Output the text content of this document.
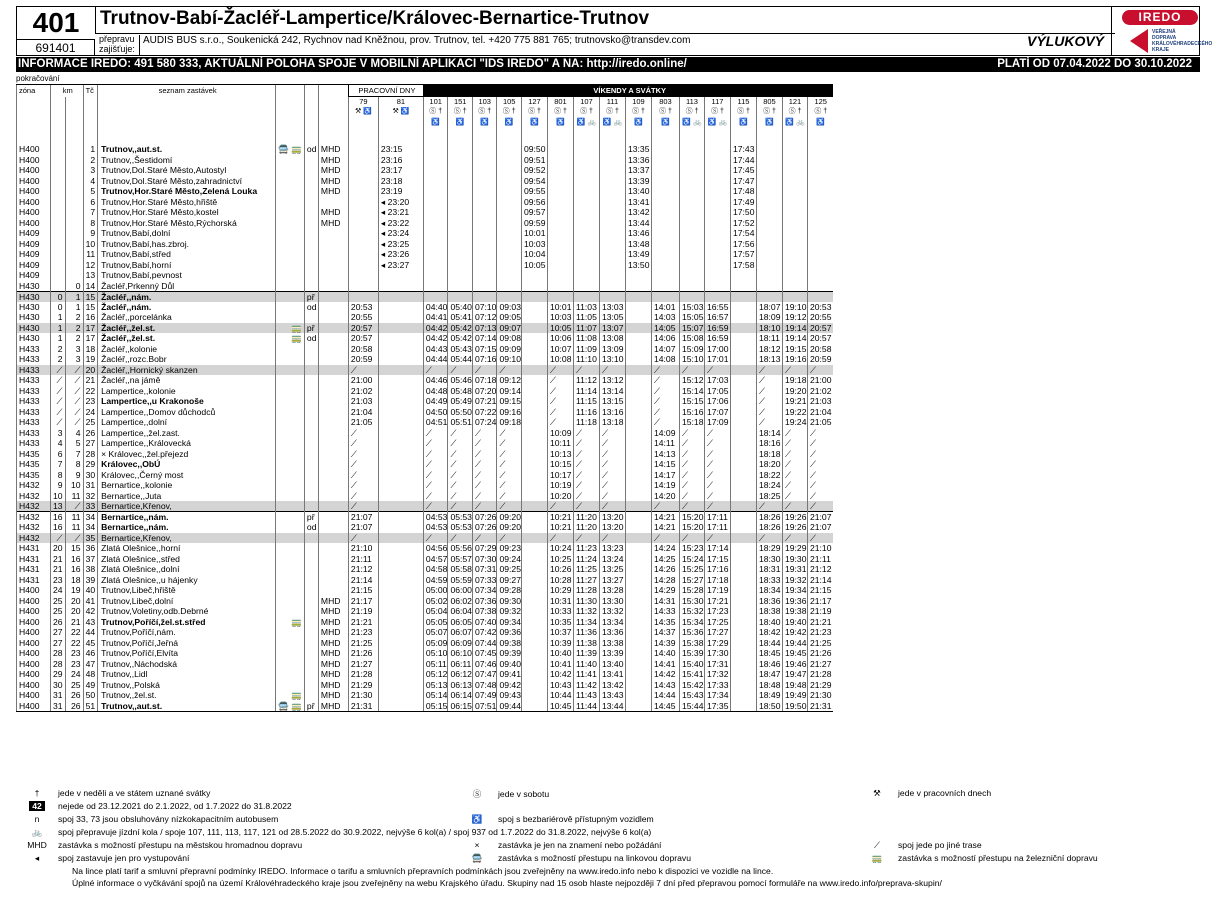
401
691401
Trutnov-Babí-Žacléř-Lampertice/Královec-Bernartice-Trutnov
přepravu zajišťuje:
AUDIS BUS s.r.o., Soukenická 242, Rychnov nad Kněžnou, prov. Trutnov, tel. +420 775 881 765; trutnovsko@transdev.com	VÝLUKOVÝ
IREDO
VEŘEJNÁ DOPRAVA KRÁLOVÉHRADECKÉHO KRAJE
INFORMACE IREDO: 491 580 333, AKTUÁLNÍ POLOHA SPOJE V MOBILNÍ APLIKACI "IDS IREDO" A NA: http://iredo.online/	PLATÍ OD 07.04.2022 DO 30.10.2022
pokračování
zóna	km		Tč	seznam zastávek				PRACOVNÍ DNY		VÍKENDY A SVÁTKY															
								79	81	101	151	103	105	127	801	107	111	109	803	113	117	115	805	121	125
								⚒ ♿	⚒ ♿	Ⓢ †	Ⓢ †	Ⓢ †	Ⓢ †	Ⓢ †	Ⓢ †	Ⓢ †	Ⓢ †	Ⓢ †	Ⓢ †	Ⓢ †	Ⓢ †	Ⓢ †	Ⓢ †	Ⓢ †	Ⓢ †
										♿	♿	♿	♿	♿	♿	♿ 🚲	♿ 🚲	♿	♿	♿ 🚲	♿ 🚲	♿	♿	♿ 🚲	♿

H400			1	Trutnov,,aut.st.	🚍 🚃	od	MHD		23:15					09:50				13:35				17:43			
H400			2	Trutnov,,Šestidomí			MHD		23:16					09:51				13:36				17:44			
H400			3	Trutnov,Dol.Staré Město,Autostyl			MHD		23:17					09:52				13:37				17:45			
H400			4	Trutnov,Dol.Staré Město,zahradnictví			MHD		23:18					09:54				13:39				17:47			
H400			5	Trutnov,Hor.Staré Město,Zelená Louka			MHD		23:19					09:55				13:40				17:48			
H400			6	Trutnov,Hor.Staré Město,hřiště					◂ 23:20					09:56				13:41				17:49			
H400			7	Trutnov,Hor.Staré Město,kostel			MHD		◂ 23:21					09:57				13:42				17:50			
H400			8	Trutnov,Hor.Staré Město,Rýchorská			MHD		◂ 23:22					09:59				13:44				17:52			
H409			9	Trutnov,Babí,dolní					◂ 23:24					10:01				13:46				17:54			
H409			10	Trutnov,Babí,has.zbroj.					◂ 23:25					10:03				13:48				17:56			
H409			11	Trutnov,Babí,střed					◂ 23:26					10:04				13:49				17:57			
H409			12	Trutnov,Babí,horní					◂ 23:27					10:05				13:50				17:58			
H409			13	Trutnov,Babí,pevnost																					
H430		0	14	Žacléř,Prkenný Důl																					
H430	0	1	15	Žacléř,,nám.		př																			
H430	0	1	15	Žacléř,,nám.		od		20:53		04:40	05:40	07:10	09:03		10:01	11:03	13:03		14:01	15:03	16:55		18:07	19:10	20:53
H430	1	2	16	Žacléř,,porcelánka				20:55		04:41	05:41	07:12	09:05		10:03	11:05	13:05		14:03	15:05	16:57		18:09	19:12	20:55
H430	1	2	17	Žacléř,,žel.st.	🚃	př		20:57		04:42	05:42	07:13	09:07		10:05	11:07	13:07		14:05	15:07	16:59		18:10	19:14	20:57
H430	1	2	17	Žacléř,,žel.st.	🚃	od		20:57		04:42	05:42	07:14	09:08		10:06	11:08	13:08		14:06	15:08	16:59		18:11	19:14	20:57
H433	2	3	18	Žacléř,,kolonie				20:58		04:43	05:43	07:15	09:09		10:07	11:09	13:09		14:07	15:09	17:00		18:12	19:15	20:58
H433	2	3	19	Žacléř,,rozc.Bobr				20:59		04:44	05:44	07:16	09:10		10:08	11:10	13:10		14:08	15:10	17:01		18:13	19:16	20:59
H433	⟋	⟋	20	Žacléř,,Hornický skanzen				⟋		⟋	⟋	⟋	⟋		⟋	⟋	⟋		⟋	⟋	⟋		⟋	⟋	⟋
H433	⟋	⟋	21	Žacléř,,na jámě				21:00		04:46	05:46	07:18	09:12		⟋	11:12	13:12		⟋	15:12	17:03		⟋	19:18	21:00
H433	⟋	⟋	22	Lampertice,,kolonie				21:02		04:48	05:48	07:20	09:14		⟋	11:14	13:14		⟋	15:14	17:05		⟋	19:20	21:02
H433	⟋	⟋	23	Lampertice,,u Krakonoše				21:03		04:49	05:49	07:21	09:15		⟋	11:15	13:15		⟋	15:15	17:06		⟋	19:21	21:03
H433	⟋	⟋	24	Lampertice,,Domov důchodců				21:04		04:50	05:50	07:22	09:16		⟋	11:16	13:16		⟋	15:16	17:07		⟋	19:22	21:04
H433	⟋	⟋	25	Lampertice,,dolní				21:05		04:51	05:51	07:24	09:18		⟋	11:18	13:18		⟋	15:18	17:09		⟋	19:24	21:05
H433	3	4	26	Lampertice,,žel.zast.				⟋		⟋	⟋	⟋	⟋		10:09	⟋	⟋		14:09	⟋	⟋		18:14	⟋	⟋
H433	4	5	27	Lampertice,,Královecká				⟋		⟋	⟋	⟋	⟋		10:11	⟋	⟋		14:11	⟋	⟋		18:16	⟋	⟋
H435	6	7	28	× Královec,,žel.přejezd				⟋		⟋	⟋	⟋	⟋		10:13	⟋	⟋		14:13	⟋	⟋		18:18	⟋	⟋
H435	7	8	29	Královec,,ObÚ				⟋		⟋	⟋	⟋	⟋		10:15	⟋	⟋		14:15	⟋	⟋		18:20	⟋	⟋
H435	8	9	30	Královec,,Černý most				⟋		⟋	⟋	⟋	⟋		10:17	⟋	⟋		14:17	⟋	⟋		18:22	⟋	⟋
H432	9	10	31	Bernartice,,kolonie				⟋		⟋	⟋	⟋	⟋		10:19	⟋	⟋		14:19	⟋	⟋		18:24	⟋	⟋
H432	10	11	32	Bernartice,,Juta				⟋		⟋	⟋	⟋	⟋		10:20	⟋	⟋		14:20	⟋	⟋		18:25	⟋	⟋
H432	13	⟋	33	Bernartice,Křenov,				⟋		⟋	⟋	⟋	⟋		⟋	⟋	⟋		⟋	⟋	⟋		⟋	⟋	⟋
H432	16	11	34	Bernartice,,nám.		př		21:07		04:53	05:53	07:26	09:20		10:21	11:20	13:20		14:21	15:20	17:11		18:26	19:26	21:07
H432	16	11	34	Bernartice,,nám.		od		21:07		04:53	05:53	07:26	09:20		10:21	11:20	13:20		14:21	15:20	17:11		18:26	19:26	21:07
H432	⟋	⟋	35	Bernartice,Křenov,				⟋		⟋	⟋	⟋	⟋		⟋	⟋	⟋		⟋	⟋	⟋		⟋	⟋	⟋
H431	20	15	36	Zlatá Olešnice,,horní				21:10		04:56	05:56	07:29	09:23		10:24	11:23	13:23		14:24	15:23	17:14		18:29	19:29	21:10
H431	21	16	37	Zlatá Olešnice,,střed				21:11		04:57	05:57	07:30	09:24		10:25	11:24	13:24		14:25	15:24	17:15		18:30	19:30	21:11
H431	21	16	38	Zlatá Olešnice,,dolní				21:12		04:58	05:58	07:31	09:25		10:26	11:25	13:25		14:26	15:25	17:16		18:31	19:31	21:12
H431	23	18	39	Zlatá Olešnice,,u hájenky				21:14		04:59	05:59	07:33	09:27		10:28	11:27	13:27		14:28	15:27	17:18		18:33	19:32	21:14
H400	24	19	40	Trutnov,Libeč,hřiště				21:15		05:00	06:00	07:34	09:28		10:29	11:28	13:28		14:29	15:28	17:19		18:34	19:34	21:15
H400	25	20	41	Trutnov,Libeč,dolní			MHD	21:17		05:02	06:02	07:36	09:30		10:31	11:30	13:30		14:31	15:30	17:21		18:36	19:36	21:17
H400	25	20	42	Trutnov,Voletiny,odb.Debrné			MHD	21:19		05:04	06:04	07:38	09:32		10:33	11:32	13:32		14:33	15:32	17:23		18:38	19:38	21:19
H400	26	21	43	Trutnov,Poříčí,žel.st.střed	🚃		MHD	21:21		05:05	06:05	07:40	09:34		10:35	11:34	13:34		14:35	15:34	17:25		18:40	19:40	21:21
H400	27	22	44	Trutnov,Poříčí,nám.			MHD	21:23		05:07	06:07	07:42	09:36		10:37	11:36	13:36		14:37	15:36	17:27		18:42	19:42	21:23
H400	27	22	45	Trutnov,Poříčí,Jeřná			MHD	21:25		05:09	06:09	07:44	09:38		10:39	11:38	13:38		14:39	15:38	17:29		18:44	19:44	21:25
H400	28	23	46	Trutnov,Poříčí,Elvíta			MHD	21:26		05:10	06:10	07:45	09:39		10:40	11:39	13:39		14:40	15:39	17:30		18:45	19:45	21:26
H400	28	23	47	Trutnov,,Náchodská			MHD	21:27		05:11	06:11	07:46	09:40		10:41	11:40	13:40		14:41	15:40	17:31		18:46	19:46	21:27
H400	29	24	48	Trutnov,,Lidl			MHD	21:28		05:12	06:12	07:47	09:41		10:42	11:41	13:41		14:42	15:41	17:32		18:47	19:47	21:28
H400	30	25	49	Trutnov,,Polská			MHD	21:29		05:13	06:13	07:48	09:42		10:43	11:42	13:42		14:43	15:42	17:33		18:48	19:48	21:29
H400	31	26	50	Trutnov,,žel.st.	🚃		MHD	21:30		05:14	06:14	07:49	09:43		10:44	11:43	13:43		14:44	15:43	17:34		18:49	19:49	21:30
H400	31	26	51	Trutnov,,aut.st.	🚍 🚃	př	MHD	21:31		05:15	06:15	07:51	09:44		10:45	11:44	13:44		14:45	15:44	17:35		18:50	19:50	21:31
† jede v neděli a ve státem uznané svátky	Ⓢ jede v sobotu	⚒ jede v pracovních dnech
42 nejede od 23.12.2021 do 2.1.2022, od 1.7.2022 do 31.8.2022
n spoj 33, 73 jsou obsluhovány nízkokapacitním autobusem	♿ spoj s bezbariérově přístupným vozidlem
🚲 spoj přepravuje jízdní kola / spoje 107, 111, 113, 117, 121 od 28.5.2022 do 30.9.2022, nejvýše 6 kol(a) / spoj 937 od 1.7.2022 do 31.8.2022, nejvýše 6 kol(a)
MHD zastávka s možností přestupu na městskou hromadnou dopravu	× zastávka je jen na znamení nebo požádání	⟋ spoj jede po jiné trase
◂ spoj zastavuje jen pro vystupování	🚍 zastávka s možností přestupu na linkovou dopravu	🚃 zastávka s možností přestupu na železniční dopravu
Na lince platí tarif a smluvní přepravní podmínky IREDO. Informace o tarifu a smluvních přepravních podmínkách jsou zveřejněny na www.iredo.info nebo k dispozici ve vozidle na lince.
Úplné informace o vyčkávání spojů na území Královéhradeckého kraje jsou zveřejněny na webu Krajského úřadu. Skupiny nad 15 osob hlaste nejpozději 7 dní před přepravou pomocí formuláře na www.iredo.info/preprava-skupin/
